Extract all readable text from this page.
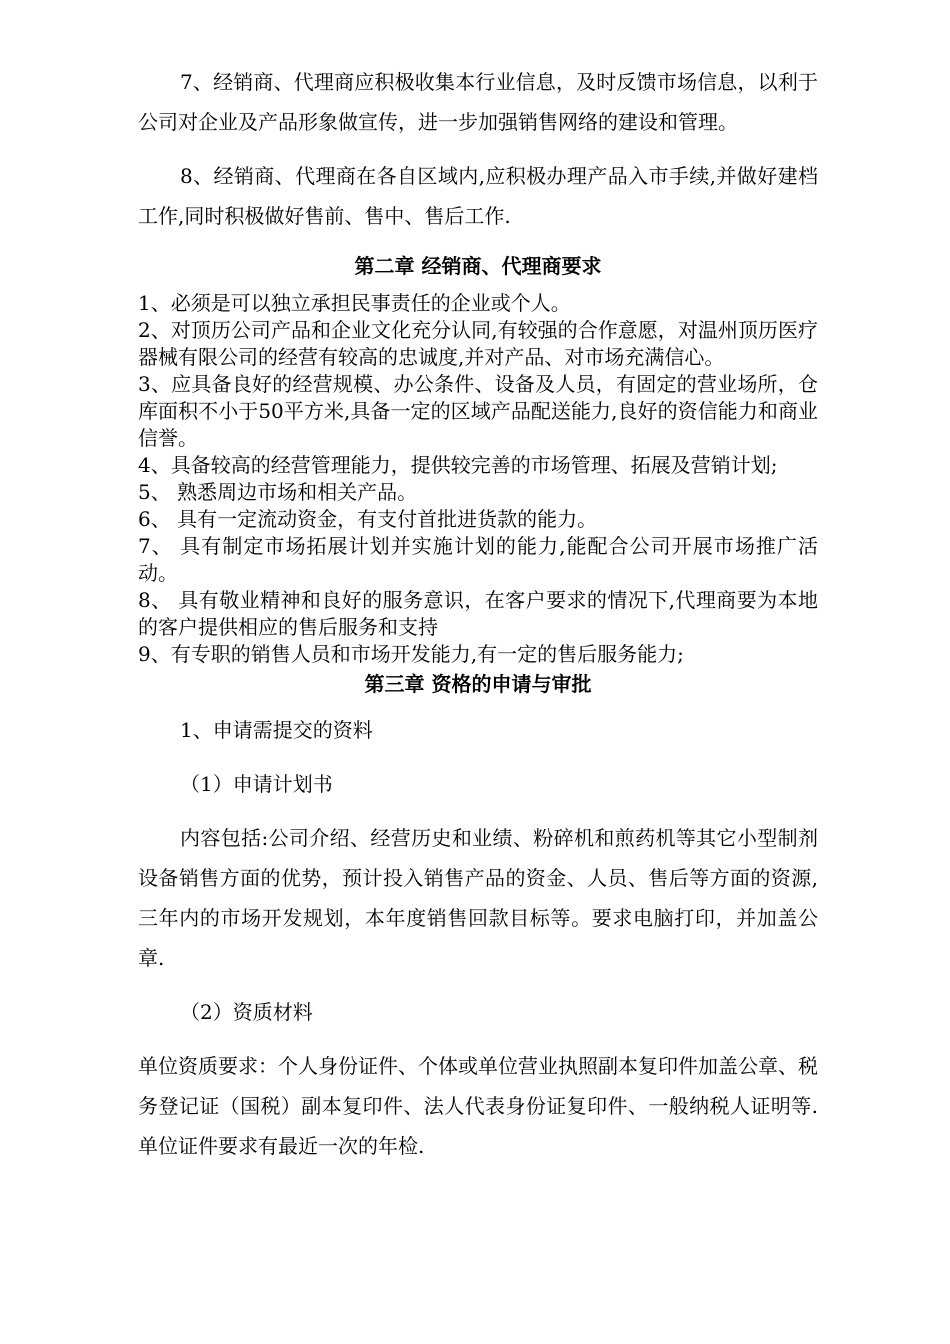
7、经销商、代理商应积极收集本行业信息，及时反馈市场信息，以利于公司对企业及产品形象做宣传，进一步加强销售网络的建设和管理。

8、经销商、代理商在各自区域内,应积极办理产品入市手续,并做好建档工作,同时积极做好售前、售中、售后工作.

第二章 经销商、代理商要求

1、必须是可以独立承担民事责任的企业或个人。

2、对顶历公司产品和企业文化充分认同,有较强的合作意愿，对温州顶历医疗器械有限公司的经营有较高的忠诚度,并对产品、对市场充满信心。

3、应具备良好的经营规模、办公条件、设备及人员，有固定的营业场所，仓库面积不小于50平方米,具备一定的区域产品配送能力,良好的资信能力和商业信誉。

4、具备较高的经营管理能力，提供较完善的市场管理、拓展及营销计划;

5、 熟悉周边市场和相关产品。

6、 具有一定流动资金，有支付首批进货款的能力。

7、 具有制定市场拓展计划并实施计划的能力,能配合公司开展市场推广活动。

8、 具有敬业精神和良好的服务意识，在客户要求的情况下,代理商要为本地的客户提供相应的售后服务和支持

9、有专职的销售人员和市场开发能力,有一定的售后服务能力;

第三章 资格的申请与审批

1、申请需提交的资料

（1）申请计划书

内容包括:公司介绍、经营历史和业绩、粉碎机和煎药机等其它小型制剂设备销售方面的优势，预计投入销售产品的资金、人员、售后等方面的资源,三年内的市场开发规划，本年度销售回款目标等。要求电脑打印，并加盖公章.

（2）资质材料

单位资质要求：个人身份证件、个体或单位营业执照副本复印件加盖公章、税务登记证（国税）副本复印件、法人代表身份证复印件、一般纳税人证明等.单位证件要求有最近一次的年检.
